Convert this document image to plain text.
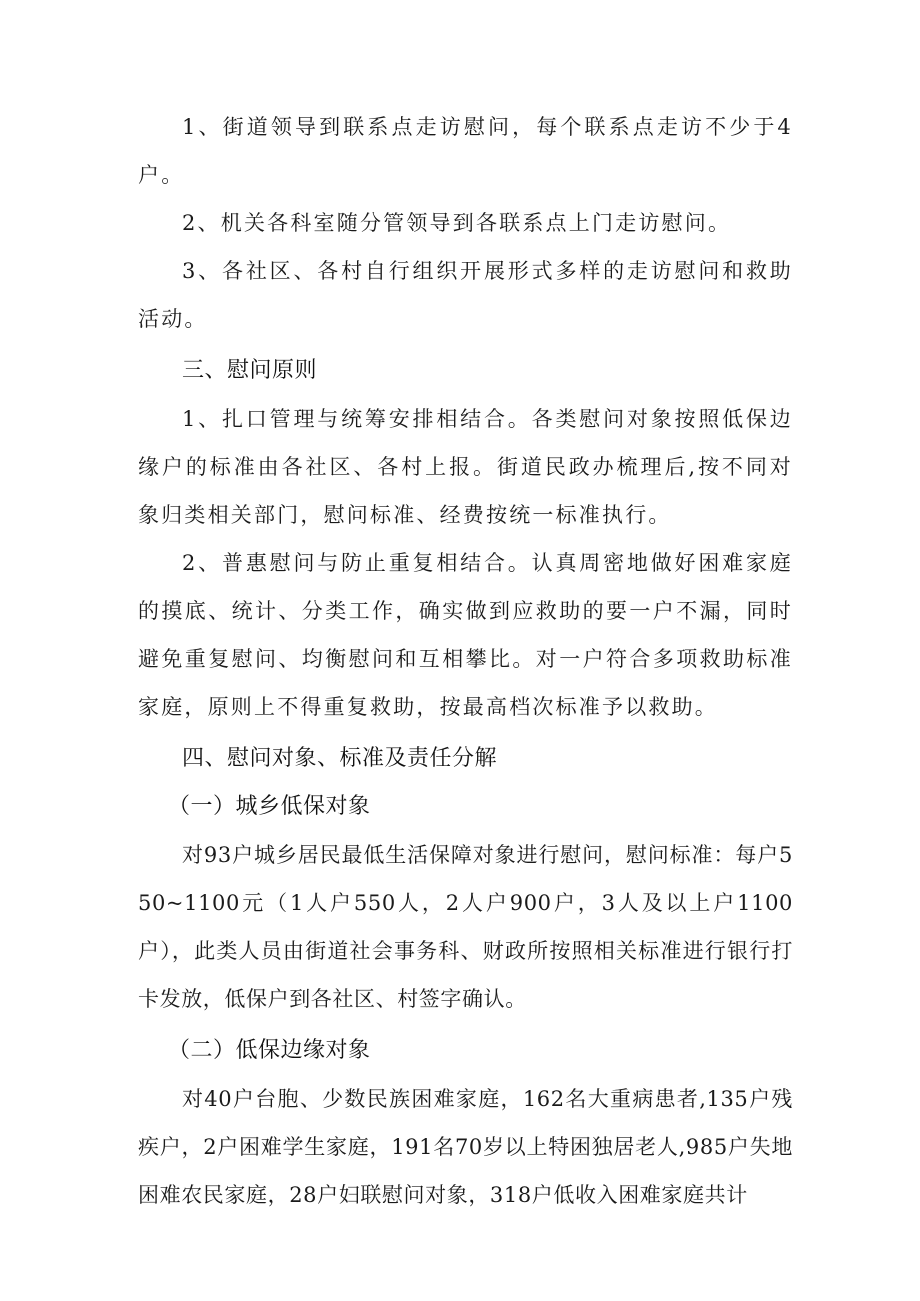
1、街道领导到联系点走访慰问，每个联系点走访不少于4户。

2、机关各科室随分管领导到各联系点上门走访慰问。

3、各社区、各村自行组织开展形式多样的走访慰问和救助活动。

三、慰问原则

1、扎口管理与统筹安排相结合。各类慰问对象按照低保边缘户的标准由各社区、各村上报。街道民政办梳理后,按不同对象归类相关部门，慰问标准、经费按统一标准执行。

2、普惠慰问与防止重复相结合。认真周密地做好困难家庭的摸底、统计、分类工作，确实做到应救助的要一户不漏，同时避免重复慰问、均衡慰问和互相攀比。对一户符合多项救助标准家庭，原则上不得重复救助，按最高档次标准予以救助。

四、慰问对象、标准及责任分解
（一）城乡低保对象

对93户城乡居民最低生活保障对象进行慰问，慰问标准：每户550~1100元（1人户550人，2人户900户，3人及以上户1100户），此类人员由街道社会事务科、财政所按照相关标准进行银行打卡发放，低保户到各社区、村签字确认。

（二）低保边缘对象

对40户台胞、少数民族困难家庭，162名大重病患者,135户残疾户，2户困难学生家庭，191名70岁以上特困独居老人,985户失地困难农民家庭，28户妇联慰问对象，318户低收入困难家庭共计
